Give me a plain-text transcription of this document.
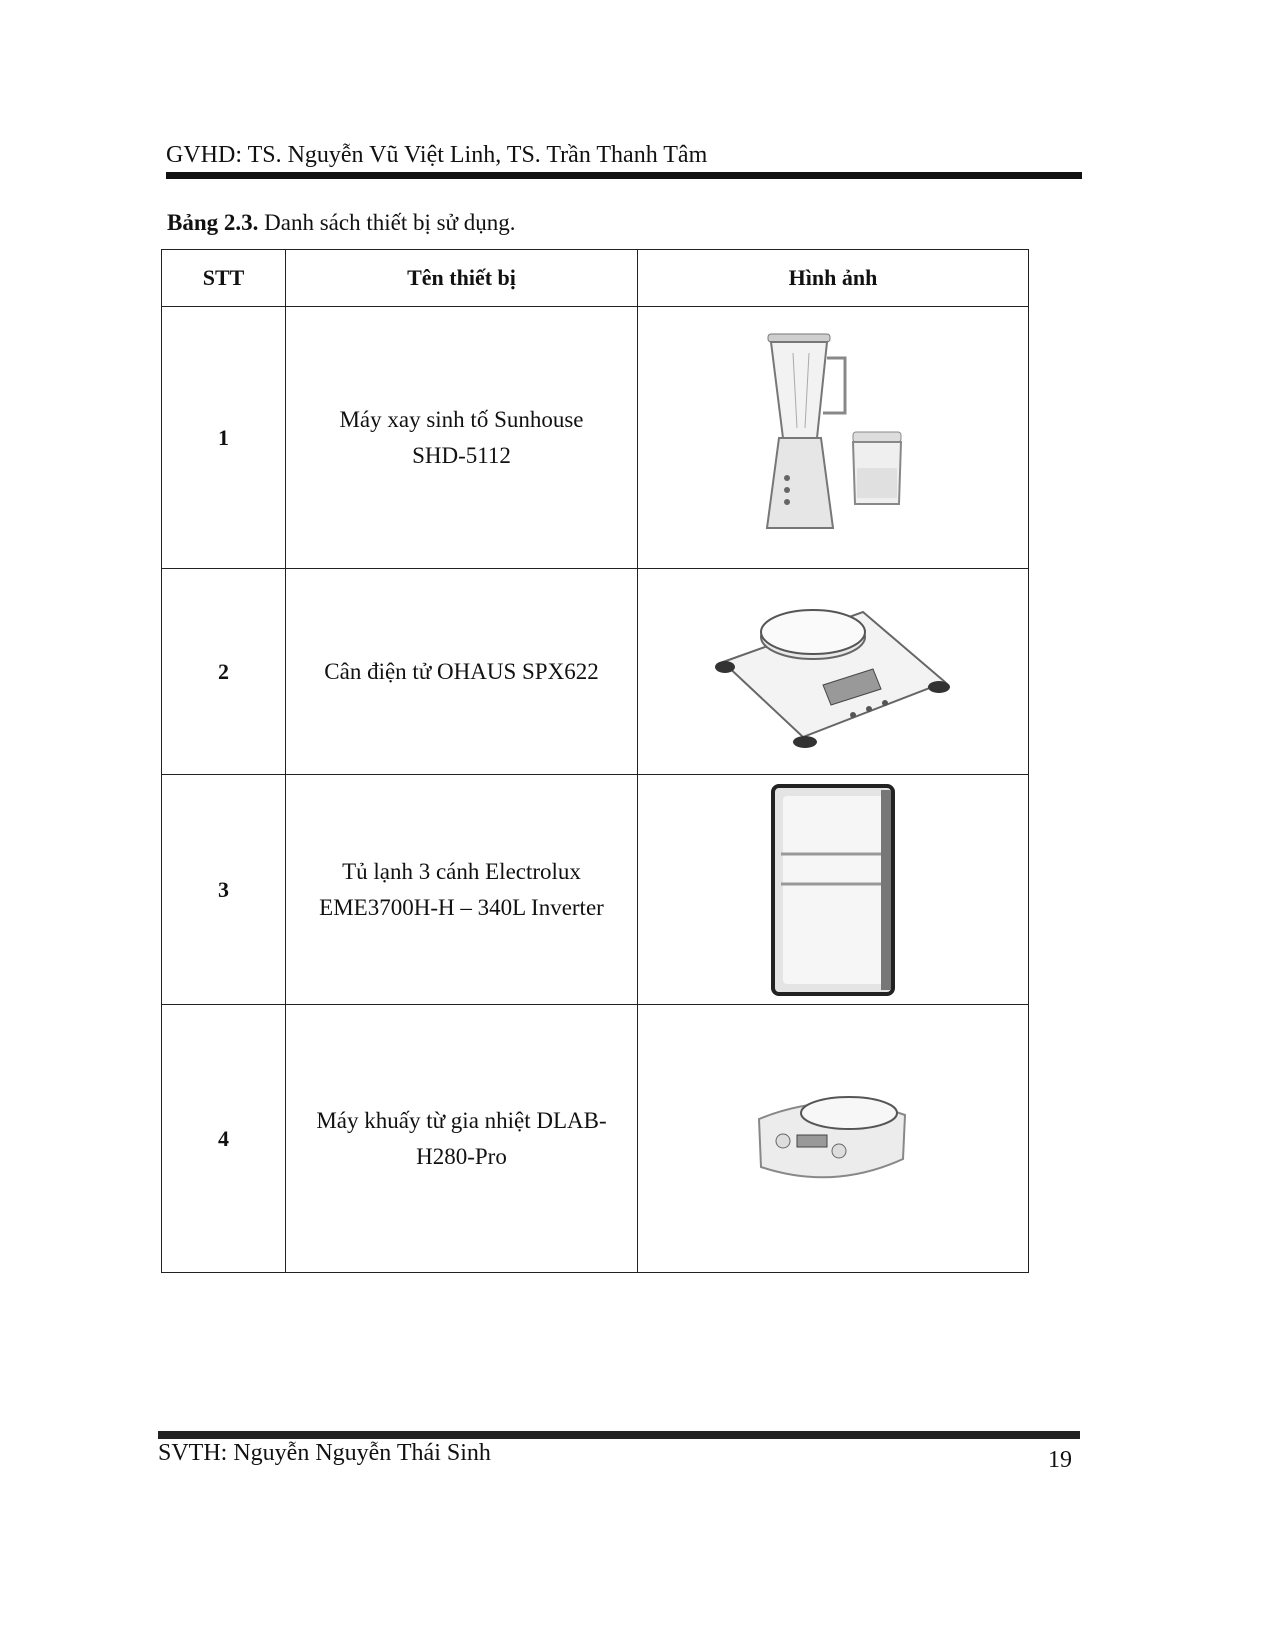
GVHD: TS. Nguyễn Vũ Việt Linh, TS. Trần Thanh Tâm
Bảng 2.3. Danh sách thiết bị sử dụng.
STT	Tên thiết bị	Hình ảnh
1	Máy xay sinh tố Sunhouse
SHD-5112	

2	Cân điện tử OHAUS SPX622	

3	Tủ lạnh 3 cánh Electrolux
EME3700H-H – 340L Inverter	

4	Máy khuấy từ gia nhiệt DLAB-
H280-Pro	
SVTH: Nguyễn Nguyễn Thái Sinh	19
